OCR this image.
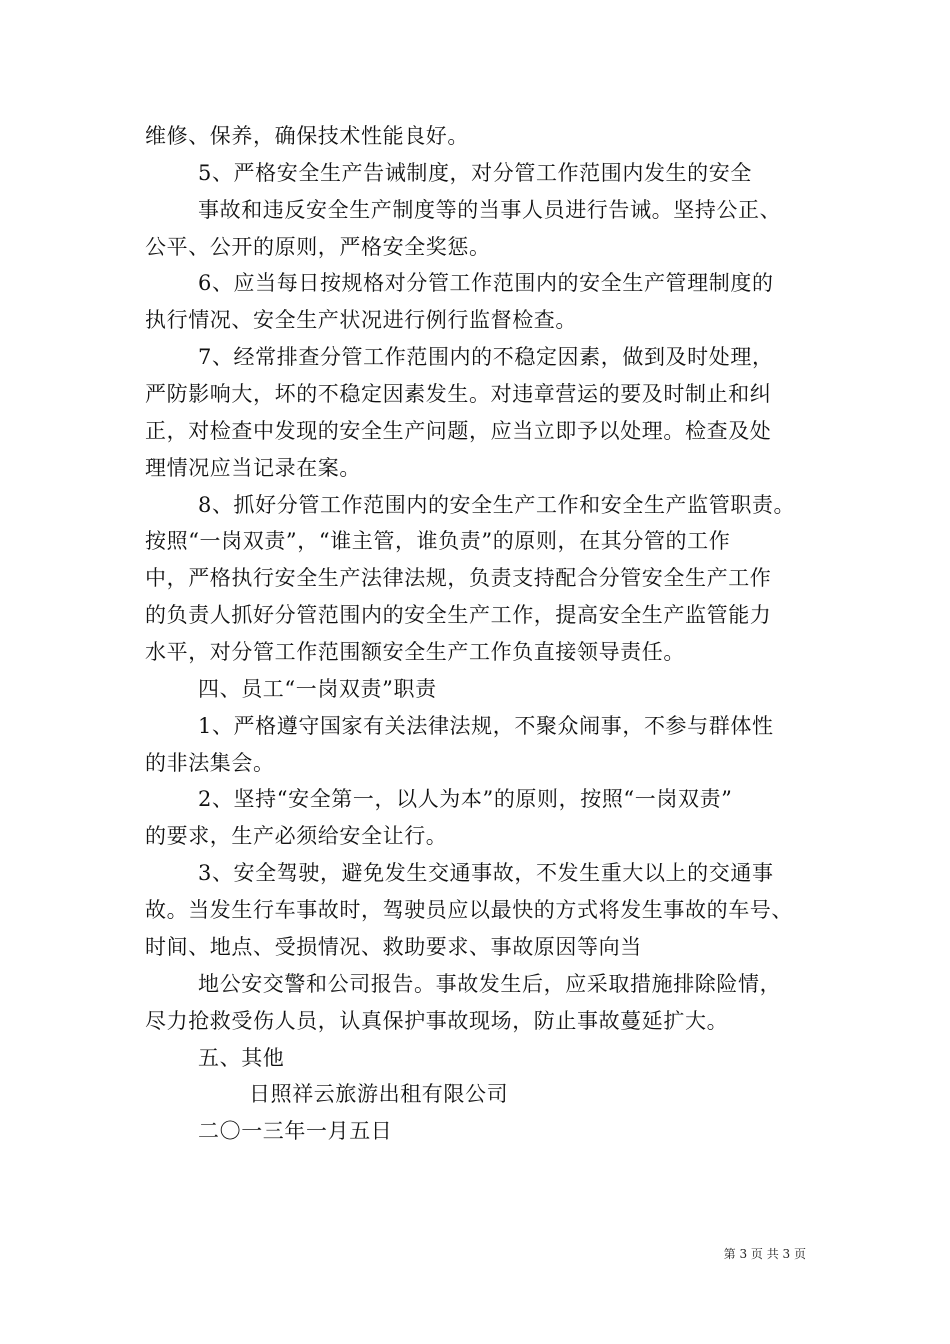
维修、保养，确保技术性能良好。
5、严格安全生产告诫制度，对分管工作范围内发生的安全
事故和违反安全生产制度等的当事人员进行告诫。坚持公正、
公平、公开的原则，严格安全奖惩。
6、应当每日按规格对分管工作范围内的安全生产管理制度的
执行情况、安全生产状况进行例行监督检查。
7、经常排查分管工作范围内的不稳定因素，做到及时处理，
严防影响大，坏的不稳定因素发生。对违章营运的要及时制止和纠
正，对检查中发现的安全生产问题，应当立即予以处理。检查及处
理情况应当记录在案。
8、抓好分管工作范围内的安全生产工作和安全生产监管职责。
按照“一岗双责”，“谁主管，谁负责”的原则，在其分管的工作
中，严格执行安全生产法律法规，负责支持配合分管安全生产工作
的负责人抓好分管范围内的安全生产工作，提高安全生产监管能力
水平，对分管工作范围额安全生产工作负直接领导责任。
四、员工“一岗双责”职责
1、严格遵守国家有关法律法规，不聚众闹事，不参与群体性
的非法集会。
2、坚持“安全第一，以人为本”的原则，按照“一岗双责”
的要求，生产必须给安全让行。
3、安全驾驶，避免发生交通事故，不发生重大以上的交通事
故。当发生行车事故时，驾驶员应以最快的方式将发生事故的车号、
时间、地点、受损情况、救助要求、事故原因等向当
地公安交警和公司报告。事故发生后，应采取措施排除险情，
尽力抢救受伤人员，认真保护事故现场，防止事故蔓延扩大。
五、其他
日照祥云旅游出租有限公司
二〇一三年一月五日
第 3 页 共 3 页
